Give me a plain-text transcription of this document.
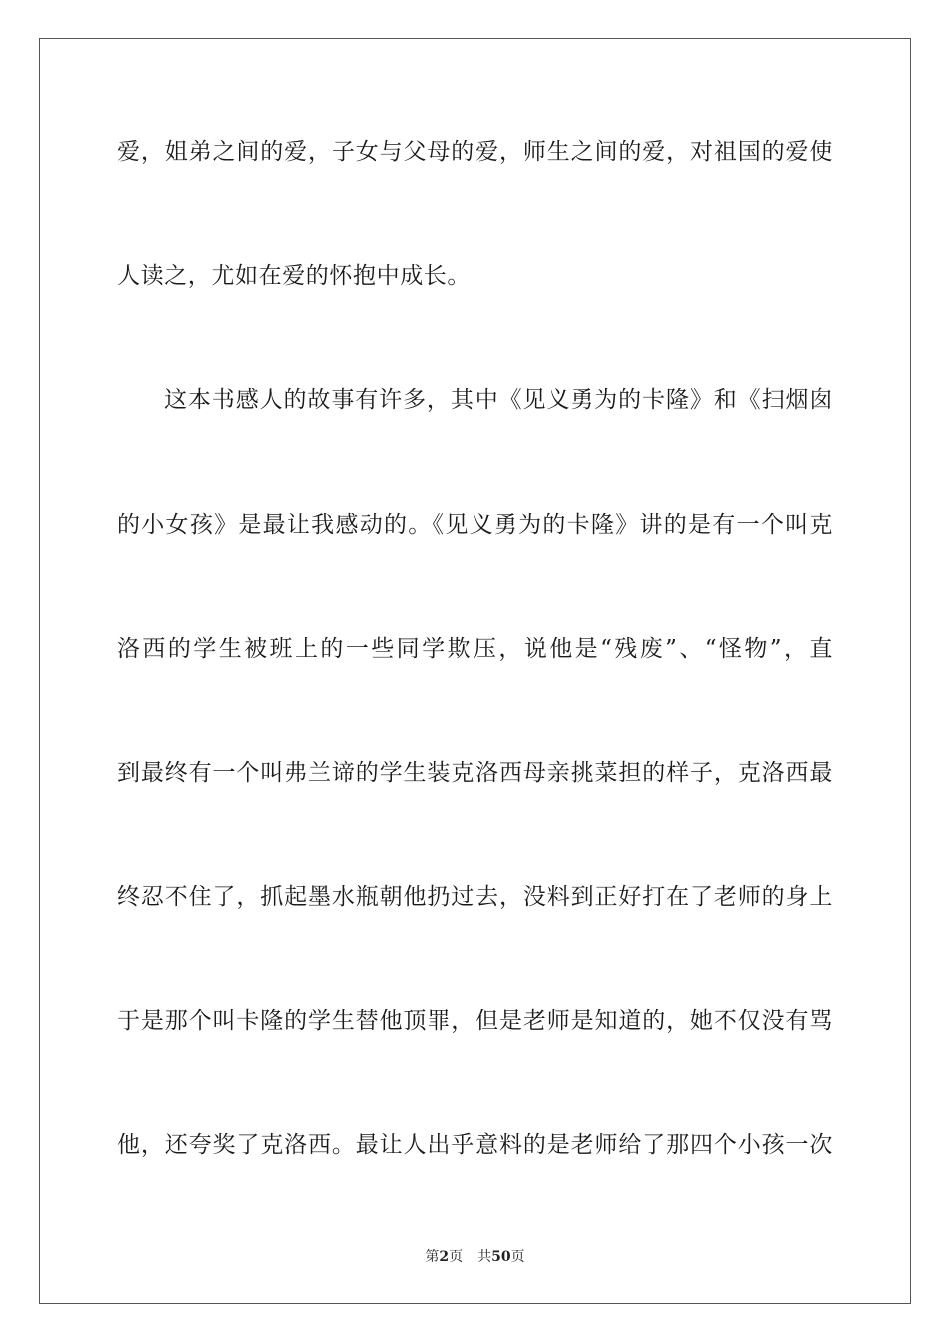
爱，姐弟之间的爱，子女与父母的爱，师生之间的爱，对祖国的爱使
人读之，尤如在爱的怀抱中成长。
这本书感人的故事有许多，其中《见义勇为的卡隆》和《扫烟囱
的小女孩》是最让我感动的。《见义勇为的卡隆》讲的是有一个叫克
洛西的学生被班上的一些同学欺压，说他是“残废”、“怪物”，直
到最终有一个叫弗兰谛的学生装克洛西母亲挑菜担的样子，克洛西最
终忍不住了，抓起墨水瓶朝他扔过去，没料到正好打在了老师的身上
于是那个叫卡隆的学生替他顶罪，但是老师是知道的，她不仅没有骂
他，还夸奖了克洛西。最让人出乎意料的是老师给了那四个小孩一次
第2页 共50页
